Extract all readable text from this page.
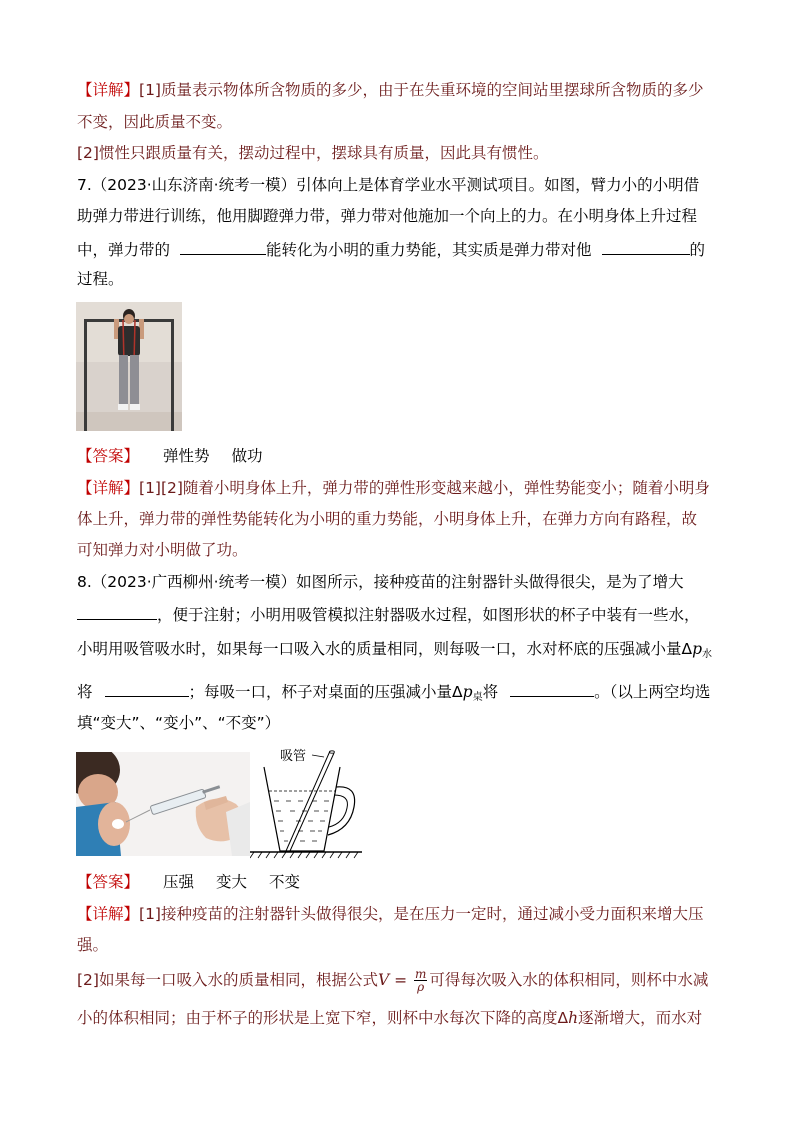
【详解】[1]质量表示物体所含物质的多少，由于在失重环境的空间站里摆球所含物质的多少
不变，因此质量不变。
[2]惯性只跟质量有关，摆动过程中，摆球具有质量，因此具有惯性。
7.（2023·山东济南·统考一模）引体向上是体育学业水平测试项目。如图，臂力小的小明借
助弹力带进行训练，他用脚蹬弹力带，弹力带对他施加一个向上的力。在小明身体上升过程
中，弹力带的	能转化为小明的重力势能，其实质是弹力带对他	的
过程。
【答案】 弹性势 做功
【详解】[1][2]随着小明身体上升，弹力带的弹性形变越来越小，弹性势能变小；随着小明身
体上升，弹力带的弹性势能转化为小明的重力势能，小明身体上升，在弹力方向有路程，故
可知弹力对小明做了功。
8.（2023·广西柳州·统考一模）如图所示，接种疫苗的注射器针头做得很尖，是为了增大
，便于注射；小明用吸管模拟注射器吸水过程，如图形状的杯子中装有一些水，
小明用吸管吸水时，如果每一口吸入水的质量相同，则每吸一口，水对杯底的压强减小量$\Delta p_水$
将	；每吸一口，杯子对桌面的压强减小量$\Delta p_桌$将	。（以上两空均选
填“变大”、“变小”、“不变”）
吸管
【答案】 压强 变大 不变
【详解】[1]接种疫苗的注射器针头做得很尖，是在压力一定时，通过减小受力面积来增大压
强。
[2]如果每一口吸入水的质量相同，根据公式$V = \frac{m}{\rho}$ 可得每次吸入水的体积相同，则杯中水减
小的体积相同；由于杯子的形状是上宽下窄，则杯中水每次下降的高度Δh逐渐增大，而水对
